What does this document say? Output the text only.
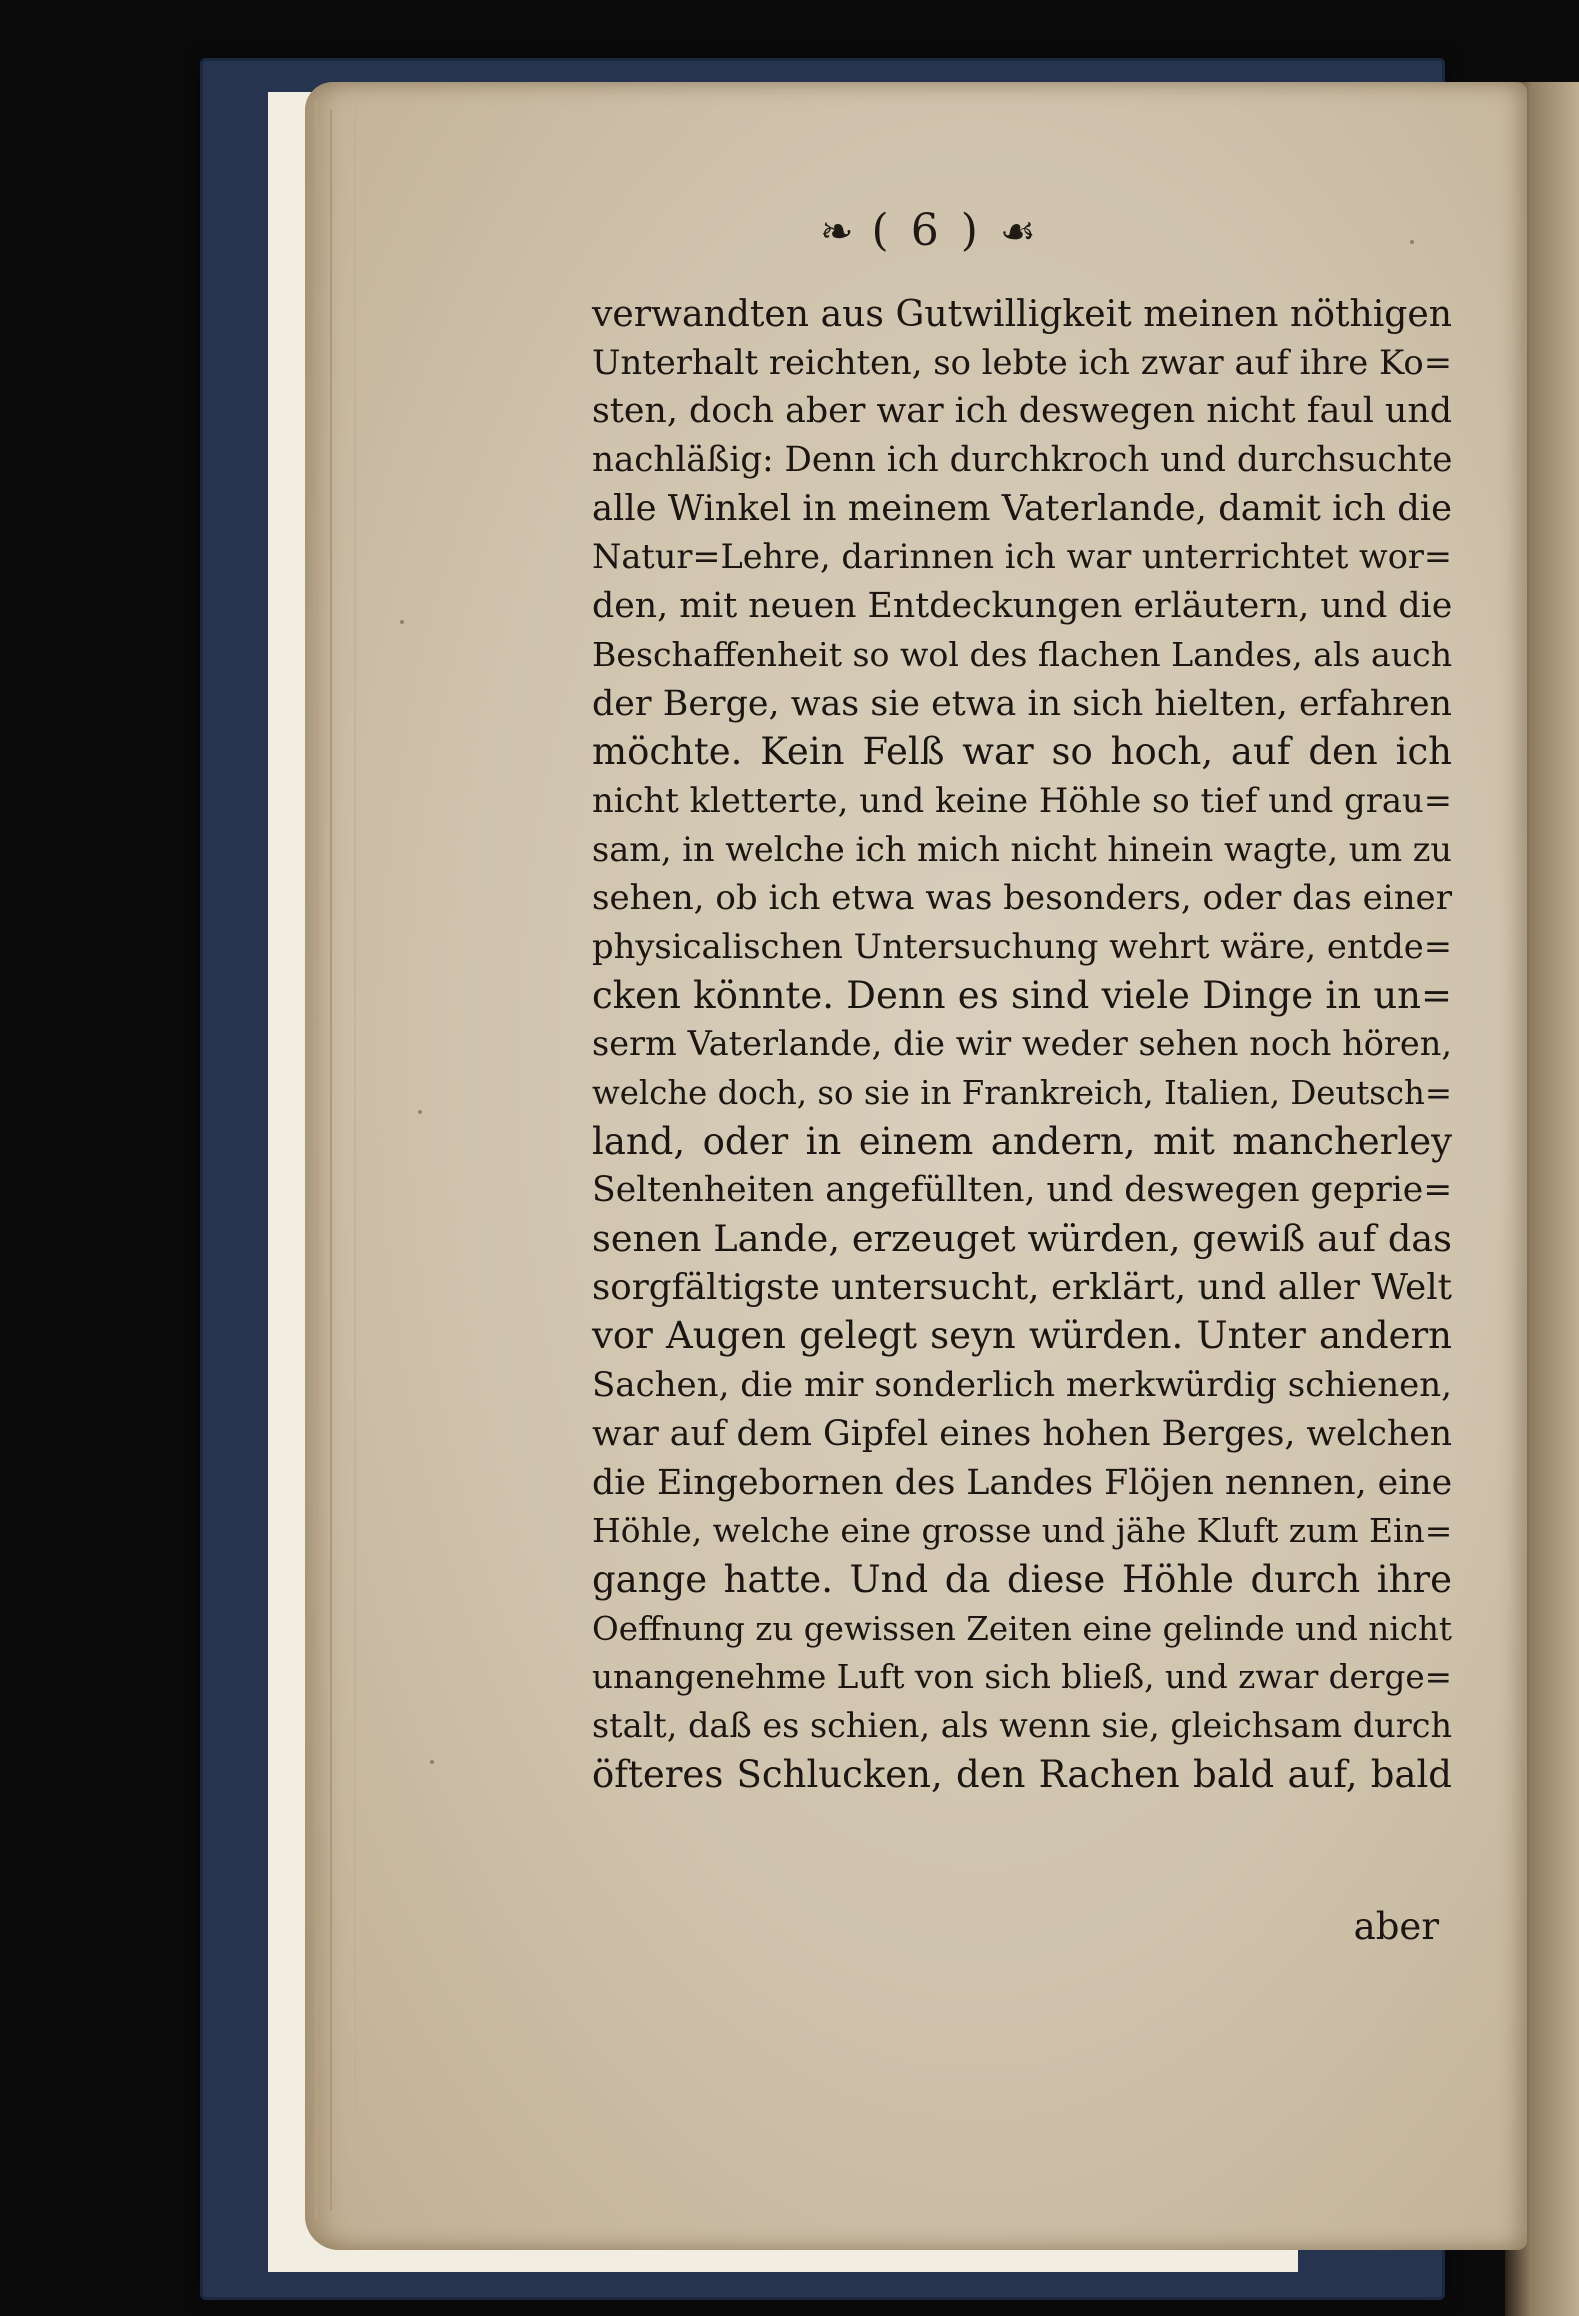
❧ ( 6 ) ☙
verwandten aus Gutwilligkeit meinen nöthigen
Unterhalt reichten, so lebte ich zwar auf ihre Ko=
sten, doch aber war ich deswegen nicht faul und
nachläßig: Denn ich durchkroch und durchsuchte
alle Winkel in meinem Vaterlande, damit ich die
Natur=Lehre, darinnen ich war unterrichtet wor=
den, mit neuen Entdeckungen erläutern, und die
Beschaffenheit so wol des flachen Landes, als auch
der Berge, was sie etwa in sich hielten, erfahren
möchte. Kein Felß war so hoch, auf den ich
nicht kletterte, und keine Höhle so tief und grau=
sam, in welche ich mich nicht hinein wagte, um zu
sehen, ob ich etwa was besonders, oder das einer
physicalischen Untersuchung wehrt wäre, entde=
cken könnte. Denn es sind viele Dinge in un=
serm Vaterlande, die wir weder sehen noch hören,
welche doch, so sie in Frankreich, Italien, Deutsch=
land, oder in einem andern, mit mancherley
Seltenheiten angefüllten, und deswegen geprie=
senen Lande, erzeuget würden, gewiß auf das
sorgfältigste untersucht, erklärt, und aller Welt
vor Augen gelegt seyn würden. Unter andern
Sachen, die mir sonderlich merkwürdig schienen,
war auf dem Gipfel eines hohen Berges, welchen
die Eingebornen des Landes Flöjen nennen, eine
Höhle, welche eine grosse und jähe Kluft zum Ein=
gange hatte. Und da diese Höhle durch ihre
Oeffnung zu gewissen Zeiten eine gelinde und nicht
unangenehme Luft von sich bließ, und zwar derge=
stalt, daß es schien, als wenn sie, gleichsam durch
öfteres Schlucken, den Rachen bald auf, bald
aber
